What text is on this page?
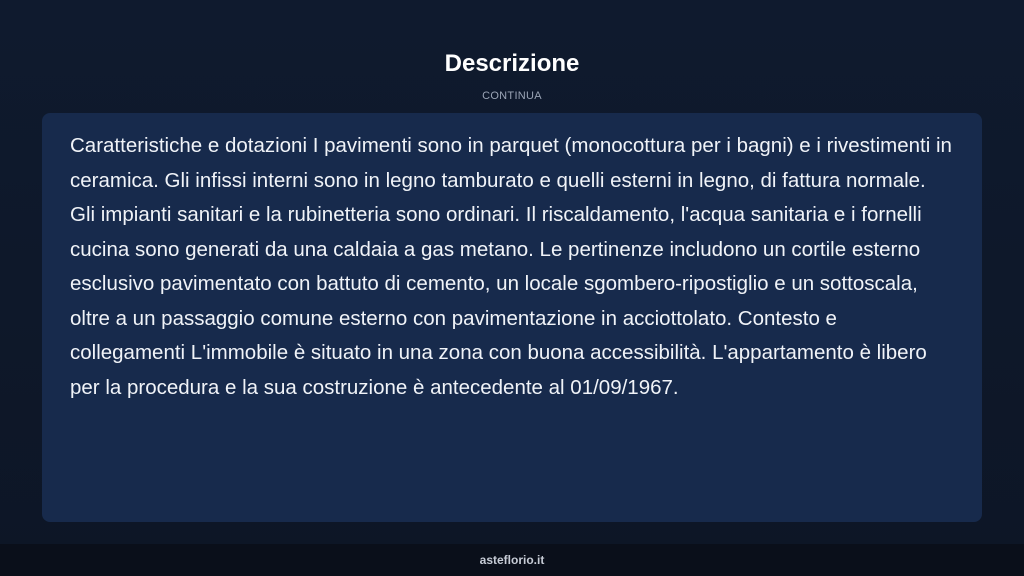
Descrizione
CONTINUA

Caratteristiche e dotazioni I pavimenti sono in parquet (monocottura per i bagni) e i rivestimenti in ceramica. Gli infissi interni sono in legno tamburato e quelli esterni in legno, di fattura normale. Gli impianti sanitari e la rubinetteria sono ordinari. Il riscaldamento, l'acqua sanitaria e i fornelli cucina sono generati da una caldaia a gas metano. Le pertinenze includono un cortile esterno esclusivo pavimentato con battuto di cemento, un locale sgombero-ripostiglio e un sottoscala, oltre a un passaggio comune esterno con pavimentazione in acciottolato. Contesto e collegamenti L'immobile è situato in una zona con buona accessibilità. L'appartamento è libero per la procedura e la sua costruzione è antecedente al 01/09/1967.

asteflorio.it
